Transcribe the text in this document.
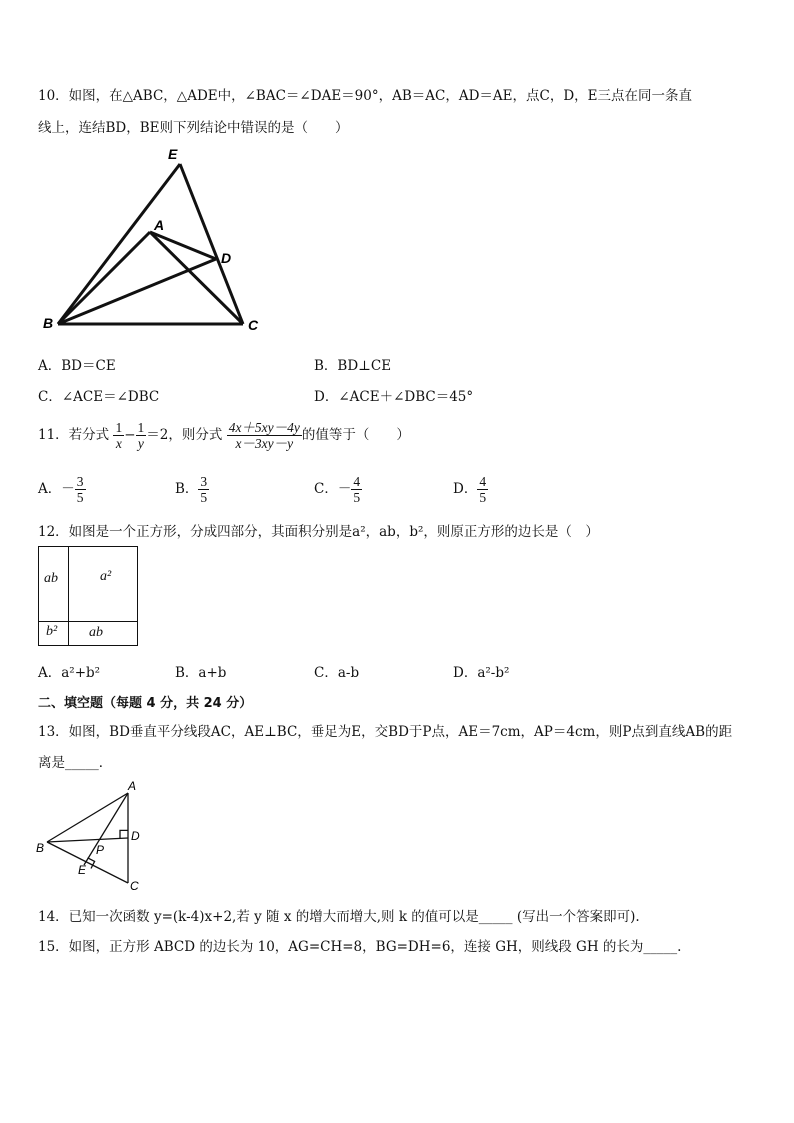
10．如图，在△ABC，△ADE中，∠BAC＝∠DAE＝90°，AB＝AC，AD＝AE，点C，D，E三点在同一条直
线上，连结BD，BE则下列结论中错误的是（　　）
E
A
D
B	C
A．BD＝CE	B．BD⊥CE
C．∠ACE＝∠DBC	D．∠ACE＋∠DBC＝45°
11．若分式 $\frac{1}{x} - \frac{1}{y} =2$，则分式 $\frac{4x+5xy-4y}{x-3xy-y}$ 的值等于（　　）
A．－ $\frac{3}{5}$	B． $\frac{3}{5}$	C．－ $\frac{4}{5}$	D． $\frac{4}{5}$
12．如图是一个正方形，分成四部分，其面积分别是a²，ab，b²，则原正方形的边长是（　）
ab	a²
b² ab
A．a²+b²	B．a+b	C．a-b	D．a²-b²
二、填空题（每题 4 分，共 24 分）
13．如图，BD垂直平分线段AC，AE⊥BC，垂足为E，交BD于P点，AE＝7cm，AP＝4cm，则P点到直线AB的距
离是_____．
A
B
D
P
E
C
14．已知一次函数 y=(k-4)x+2,若 y 随 x 的增大而增大,则 k 的值可以是_____ (写出一个答案即可).
15．如图，正方形 ABCD 的边长为 10，AG=CH=8，BG=DH=6，连接 GH，则线段 GH 的长为_____.
